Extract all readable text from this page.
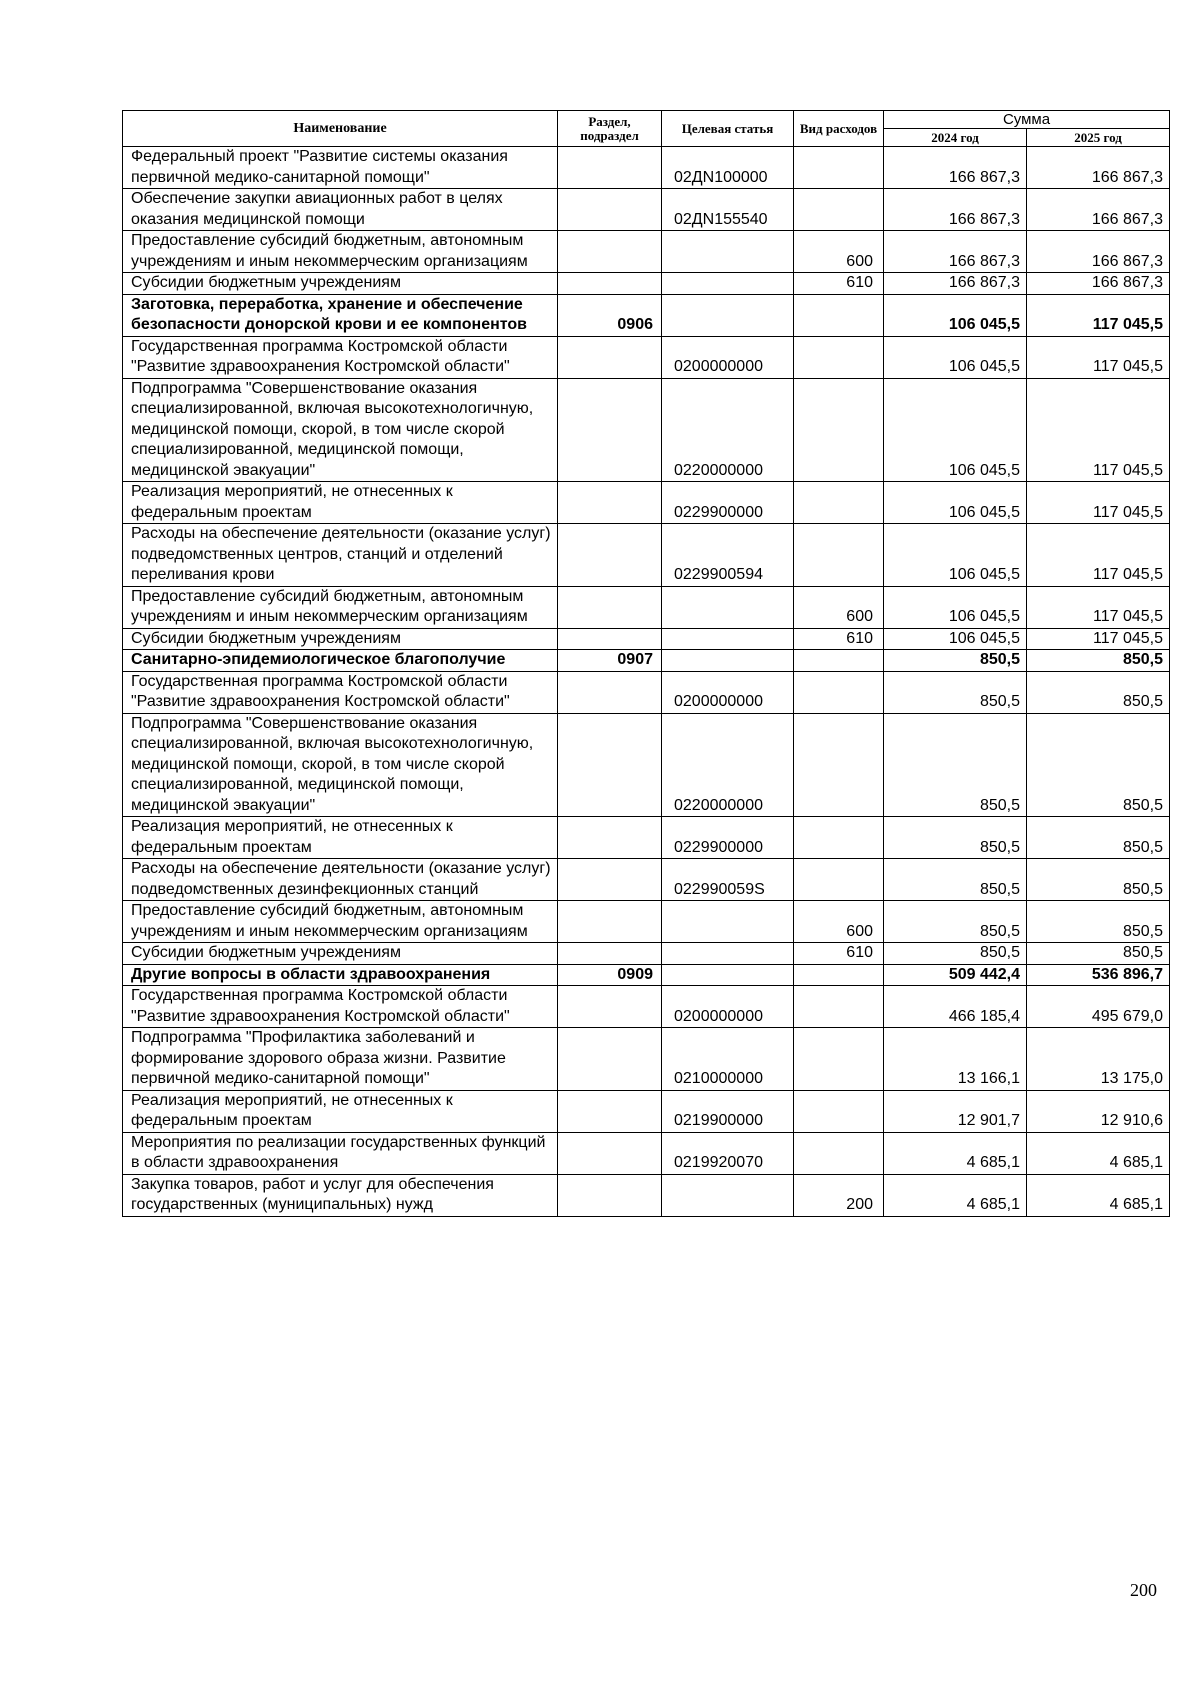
Наименование	Раздел, подраздел	Целевая статья	Вид расходов	Сумма	
				2024 год	2025 год
Федеральный проект "Развитие системы оказания первичной медико-санитарной помощи"		02ДN100000		166 867,3	166 867,3
Обеспечение закупки авиационных работ в целях оказания медицинской помощи		02ДN155540		166 867,3	166 867,3
Предоставление субсидий бюджетным, автономным учреждениям и иным некоммерческим организациям			600	166 867,3	166 867,3
Субсидии бюджетным учреждениям			610	166 867,3	166 867,3
Заготовка, переработка, хранение и обеспечение безопасности донорской крови и ее компонентов	0906			106 045,5	117 045,5
Государственная программа Костромской области "Развитие здравоохранения Костромской области"		0200000000		106 045,5	117 045,5
Подпрограмма "Совершенствование оказания специализированной, включая высокотехнологичную, медицинской помощи, скорой, в том числе скорой специализированной, медицинской помощи, медицинской эвакуации"		0220000000		106 045,5	117 045,5
Реализация мероприятий, не отнесенных к федеральным проектам		0229900000		106 045,5	117 045,5
Расходы на обеспечение деятельности (оказание услуг) подведомственных центров, станций и отделений переливания крови		0229900594		106 045,5	117 045,5
Предоставление субсидий бюджетным, автономным учреждениям и иным некоммерческим организациям			600	106 045,5	117 045,5
Субсидии бюджетным учреждениям			610	106 045,5	117 045,5
Санитарно-эпидемиологическое благополучие	0907			850,5	850,5
Государственная программа Костромской области "Развитие здравоохранения Костромской области"		0200000000		850,5	850,5
Подпрограмма "Совершенствование оказания специализированной, включая высокотехнологичную, медицинской помощи, скорой, в том числе скорой специализированной, медицинской помощи, медицинской эвакуации"		0220000000		850,5	850,5
Реализация мероприятий, не отнесенных к федеральным проектам		0229900000		850,5	850,5
Расходы на обеспечение деятельности (оказание услуг) подведомственных дезинфекционных станций		022990059S		850,5	850,5
Предоставление субсидий бюджетным, автономным учреждениям и иным некоммерческим организациям			600	850,5	850,5
Субсидии бюджетным учреждениям			610	850,5	850,5
Другие вопросы в области здравоохранения	0909			509 442,4	536 896,7
Государственная программа Костромской области "Развитие здравоохранения Костромской области"		0200000000		466 185,4	495 679,0
Подпрограмма "Профилактика заболеваний и формирование здорового образа жизни. Развитие первичной медико-санитарной помощи"		0210000000		13 166,1	13 175,0
Реализация мероприятий, не отнесенных к федеральным проектам		0219900000		12 901,7	12 910,6
Мероприятия по реализации государственных функций в области здравоохранения		0219920070		4 685,1	4 685,1
Закупка товаров, работ и услуг для обеспечения государственных (муниципальных) нужд			200	4 685,1	4 685,1
200
